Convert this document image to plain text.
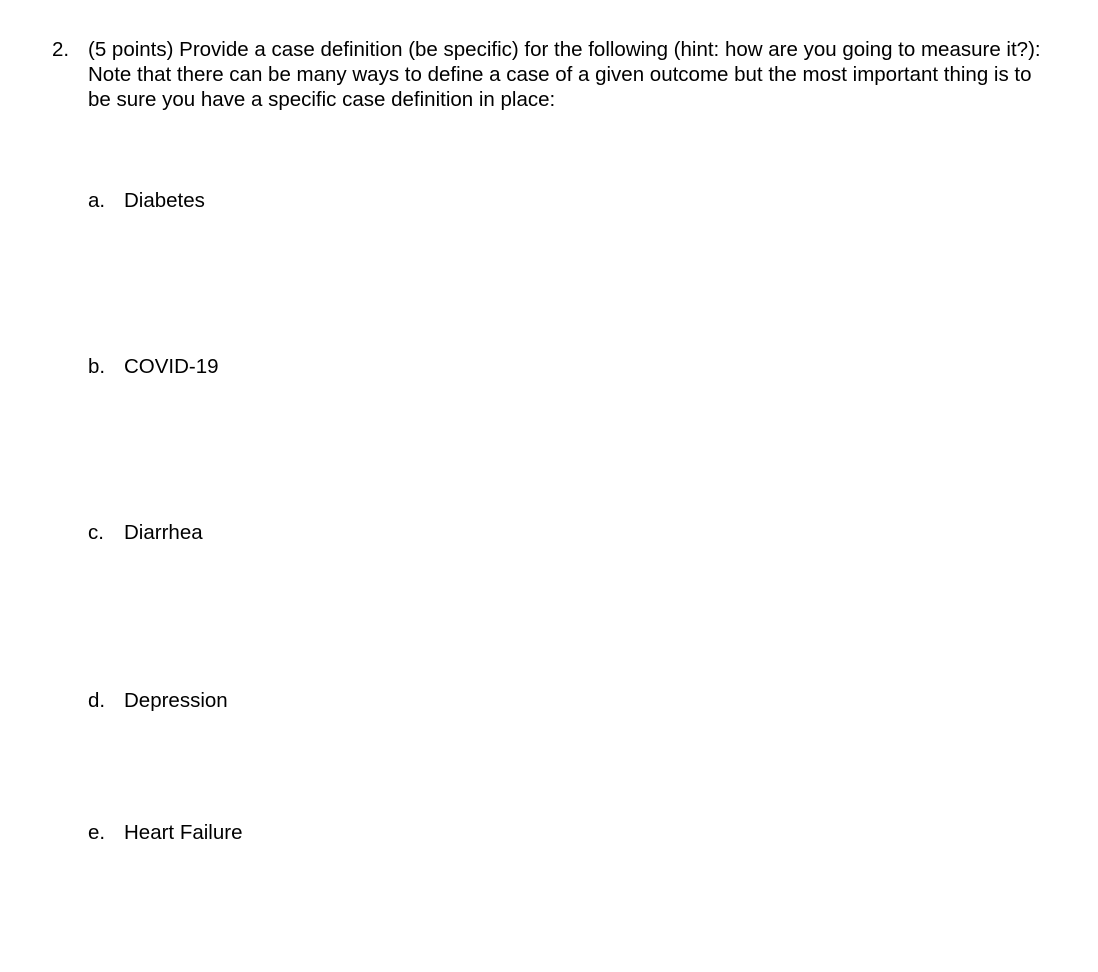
2. (5 points) Provide a case definition (be specific) for the following (hint: how are you going to measure it?): Note that there can be many ways to define a case of a given outcome but the most important thing is to be sure you have a specific case definition in place:
a. Diabetes
b. COVID-19
c. Diarrhea
d. Depression
e. Heart Failure
